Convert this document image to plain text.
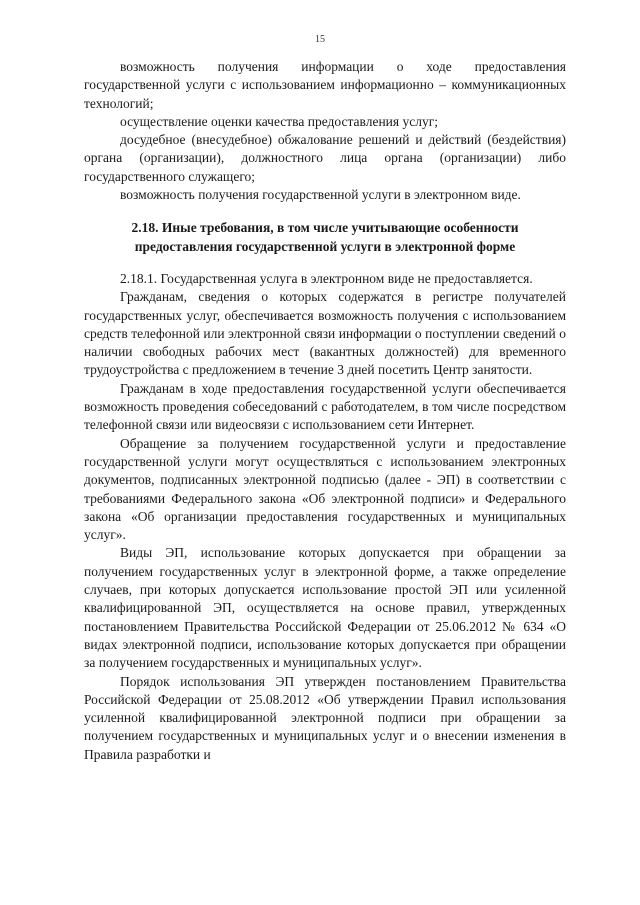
15

возможность получения информации о ходе предоставления государственной услуги с использованием информационно – коммуникационных технологий;

осуществление оценки качества предоставления услуг;

досудебное (внесудебное) обжалование решений и действий (бездействия) органа (организации), должностного лица органа (организации) либо государственного служащего;

возможность получения государственной услуги в электронном виде.

2.18. Иные требования, в том числе учитывающие особенности предоставления государственной услуги в электронной форме

2.18.1. Государственная услуга в электронном виде не предоставляется.

Гражданам, сведения о которых содержатся в регистре получателей государственных услуг, обеспечивается возможность получения с использованием средств телефонной или электронной связи информации о поступлении сведений о наличии свободных рабочих мест (вакантных должностей) для временного трудоустройства с предложением в течение 3 дней посетить Центр занятости.

Гражданам в ходе предоставления государственной услуги обеспечивается возможность проведения собеседований с работодателем, в том числе посредством телефонной связи или видеосвязи с использованием сети Интернет.

Обращение за получением государственной услуги и предоставление государственной услуги могут осуществляться с использованием электронных документов, подписанных электронной подписью (далее - ЭП) в соответствии с требованиями Федерального закона «Об электронной подписи» и Федерального закона «Об организации предоставления государственных и муниципальных услуг».

Виды ЭП, использование которых допускается при обращении за получением государственных услуг в электронной форме, а также определение случаев, при которых допускается использование простой ЭП или усиленной квалифицированной ЭП, осуществляется на основе правил, утвержденных постановлением Правительства Российской Федерации от 25.06.2012 № 634 «О видах электронной подписи, использование которых допускается при обращении за получением государственных и муниципальных услуг».

Порядок использования ЭП утвержден постановлением Правительства Российской Федерации от 25.08.2012 «Об утверждении Правил использования усиленной квалифицированной электронной подписи при обращении за получением государственных и муниципальных услуг и о внесении изменения в Правила разработки и
